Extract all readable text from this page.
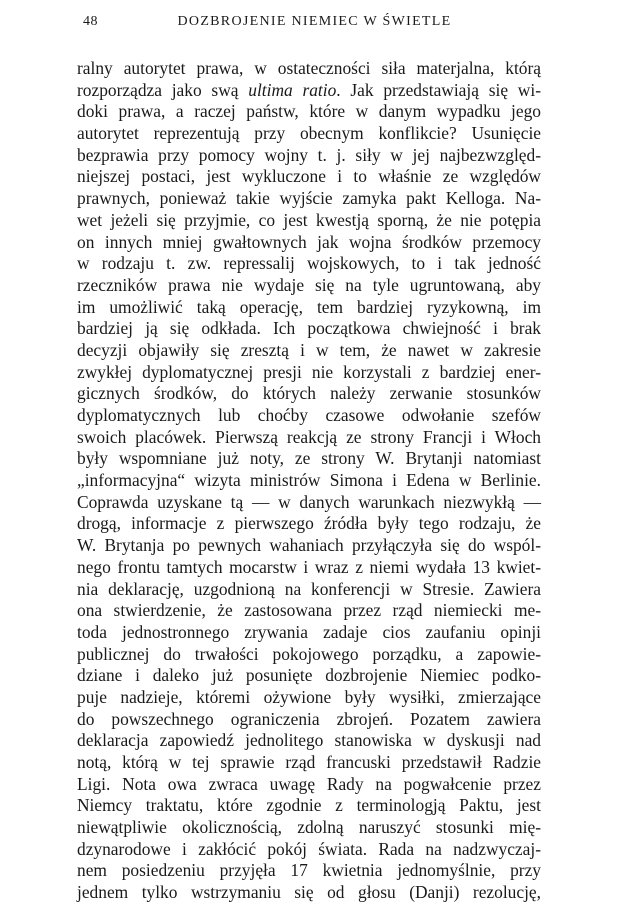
48	DOZBROJENIE NIEMIEC W ŚWIETLE
ralny autorytet prawa, w ostateczności siła materjalna, którą
rozporządza jako swą ultima ratio. Jak przedstawiają się wi-
doki prawa, a raczej państw, które w danym wypadku jego
autorytet reprezentują przy obecnym konflikcie? Usunięcie
bezprawia przy pomocy wojny t. j. siły w jej najbezwzględ-
niejszej postaci, jest wykluczone i to właśnie ze względów
prawnych, ponieważ takie wyjście zamyka pakt Kelloga. Na-
wet jeżeli się przyjmie, co jest kwestją sporną, że nie potępia
on innych mniej gwałtownych jak wojna środków przemocy
w rodzaju t. zw. repressalij wojskowych, to i tak jedność
rzeczników prawa nie wydaje się na tyle ugruntowaną, aby
im umożliwić taką operację, tem bardziej ryzykowną, im
bardziej ją się odkłada. Ich początkowa chwiejność i brak
decyzji objawiły się zresztą i w tem, że nawet w zakresie
zwykłej dyplomatycznej presji nie korzystali z bardziej ener-
gicznych środków, do których należy zerwanie stosunków
dyplomatycznych lub choćby czasowe odwołanie szefów
swoich placówek. Pierwszą reakcją ze strony Francji i Włoch
były wspomniane już noty, ze strony W. Brytanji natomiast
„informacyjna“ wizyta ministrów Simona i Edena w Berlinie.
Coprawda uzyskane tą — w danych warunkach niezwykłą —
drogą, informacje z pierwszego źródła były tego rodzaju, że
W. Brytanja po pewnych wahaniach przyłączyła się do wspól-
nego frontu tamtych mocarstw i wraz z niemi wydała 13 kwiet-
nia deklarację, uzgodnioną na konferencji w Stresie. Zawiera
ona stwierdzenie, że zastosowana przez rząd niemiecki me-
toda jednostronnego zrywania zadaje cios zaufaniu opinji
publicznej do trwałości pokojowego porządku, a zapowie-
dziane i daleko już posunięte dozbrojenie Niemiec podko-
puje nadzieje, któremi ożywione były wysiłki, zmierzające
do powszechnego ograniczenia zbrojeń. Pozatem zawiera
deklaracja zapowiedź jednolitego stanowiska w dyskusji nad
notą, którą w tej sprawie rząd francuski przedstawił Radzie
Ligi. Nota owa zwraca uwagę Rady na pogwałcenie przez
Niemcy traktatu, które zgodnie z terminologją Paktu, jest
niewątpliwie okolicznością, zdolną naruszyć stosunki mię-
dzynarodowe i zakłócić pokój świata. Rada na nadzwyczaj-
nem posiedzeniu przyjęła 17 kwietnia jednomyślnie, przy
jednem tylko wstrzymaniu się od głosu (Danji) rezolucję,
